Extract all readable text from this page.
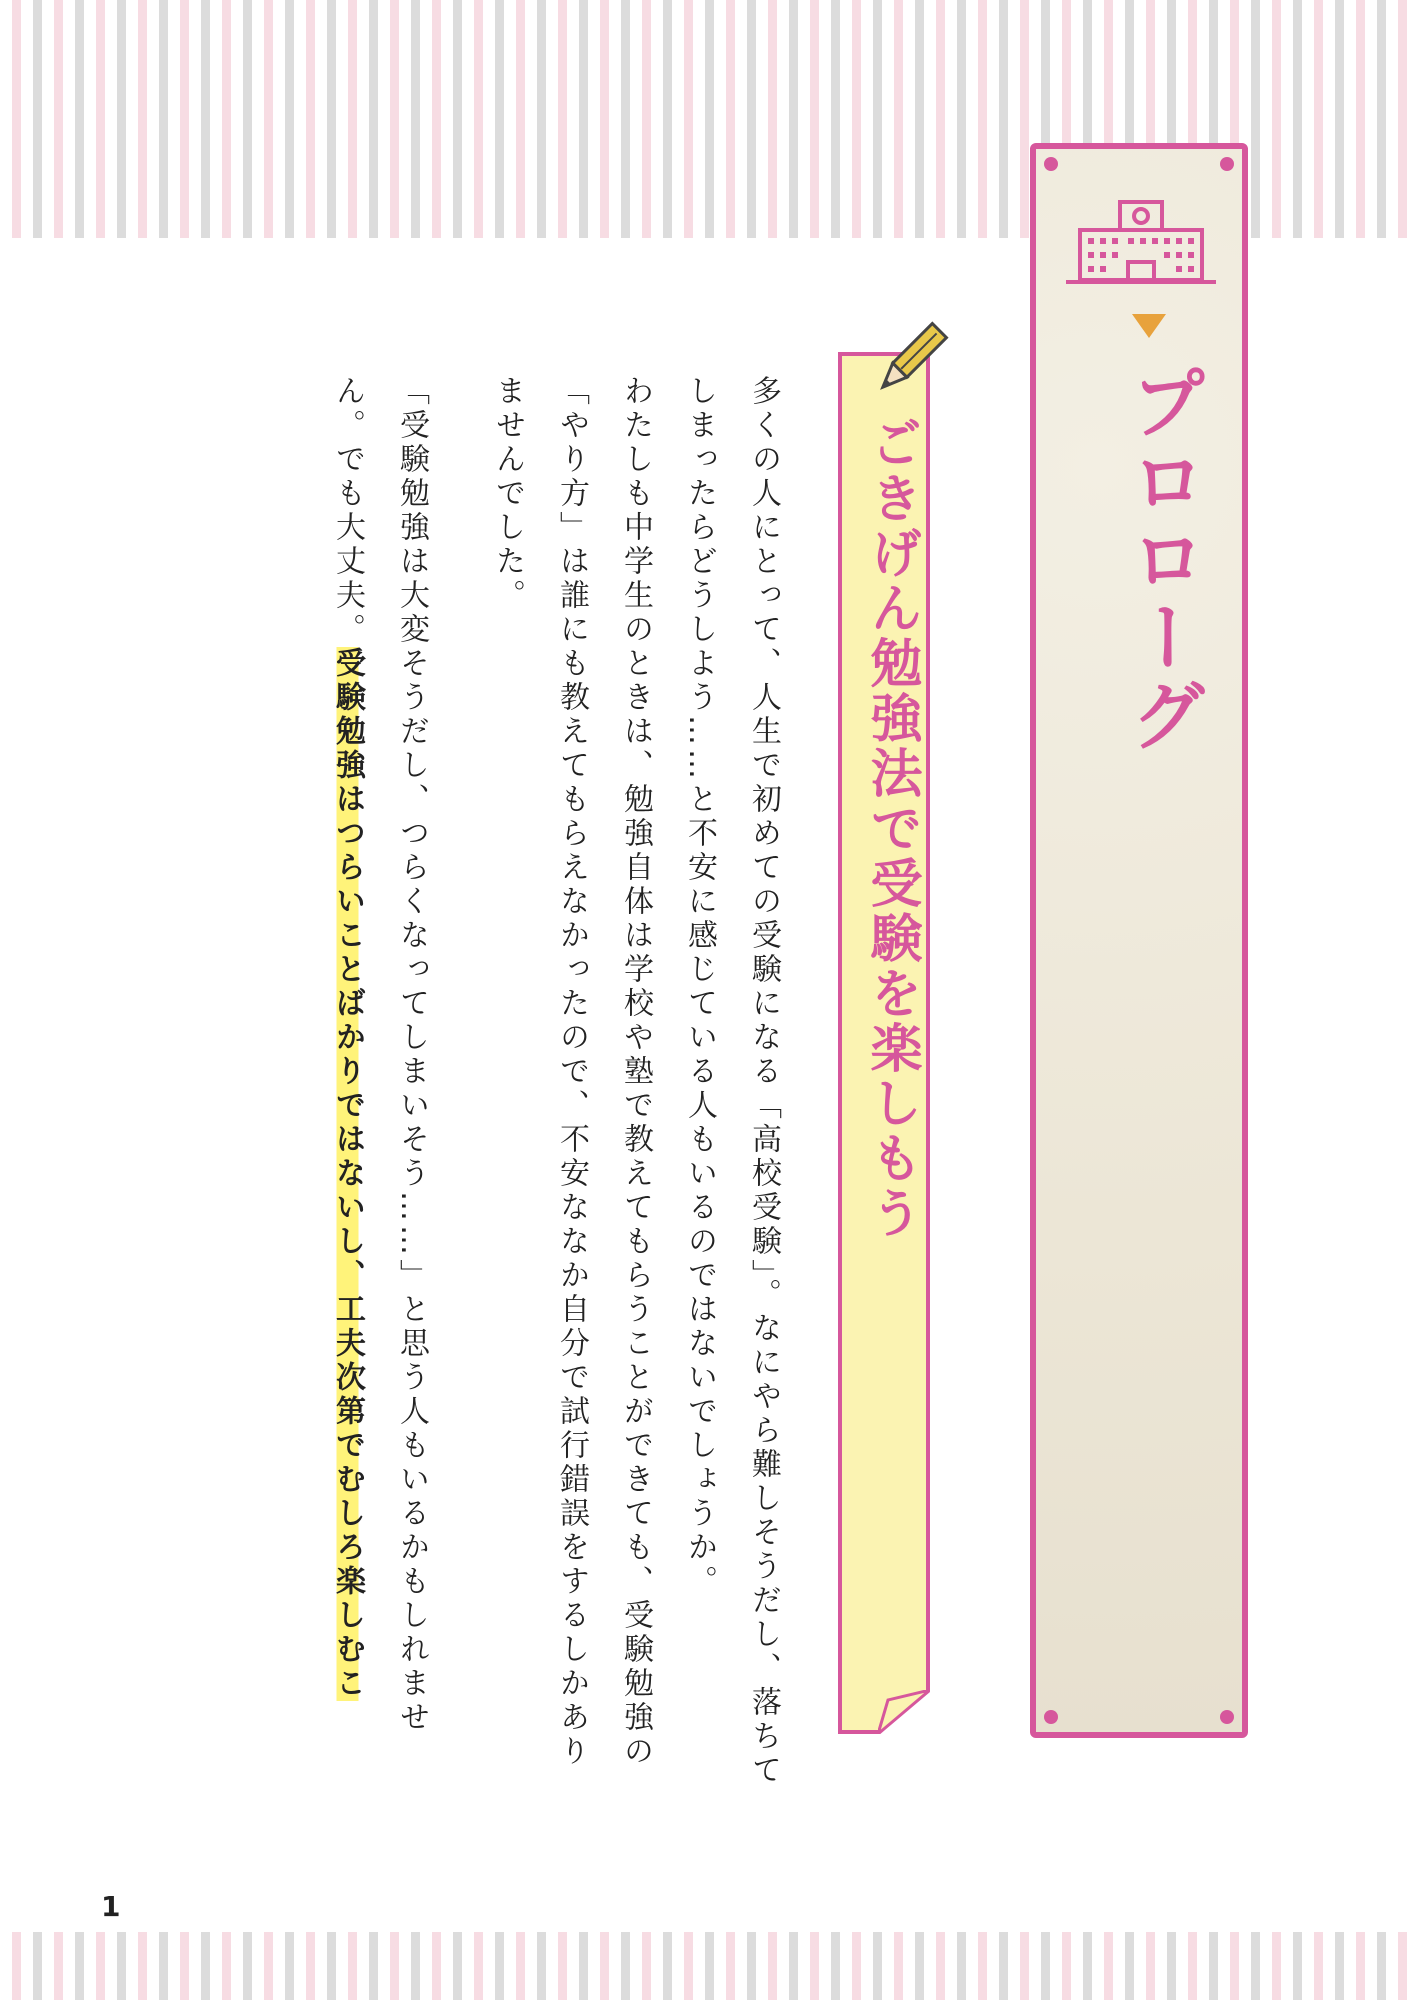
プロローグ
ごきげん勉強法で受験を楽しもう

多くの人にとって、人生で初めての受験になる「高校受験」。なにやら難しそうだし、落ちてしまったらどうしよう……と不安に感じている人もいるのではないでしょうか。

わたしも中学生のときは、勉強自体は学校や塾で教えてもらうことができても、受験勉強の「やり方」は誰にも教えてもらえなかったので、不安ななか自分で試行錯誤をするしかありませんでした。

「受験勉強は大変そうだし、つらくなってしまいそう……」と思う人もいるかもしれません。でも大丈夫。受験勉強はつらいことばかりではないし、工夫次第でむしろ楽しむこ

1
